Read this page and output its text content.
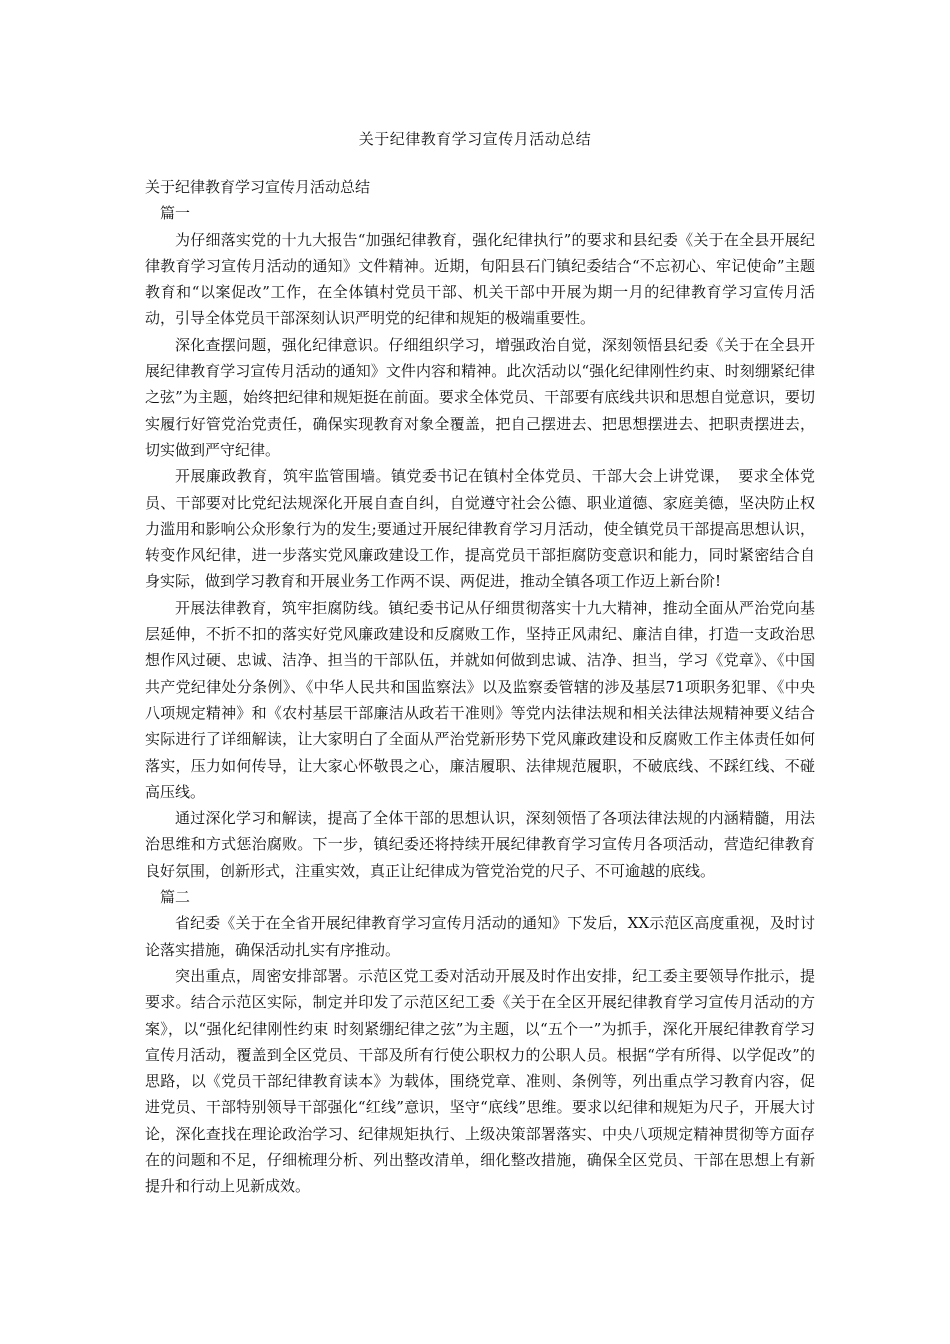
关于纪律教育学习宣传月活动总结

关于纪律教育学习宣传月活动总结

篇一

为仔细落实党的十九大报告“加强纪律教育，强化纪律执行”的要求和县纪委《关于在全县开展纪律教育学习宣传月活动的通知》文件精神。近期，旬阳县石门镇纪委结合“不忘初心、牢记使命”主题教育和“以案促改”工作，在全体镇村党员干部、机关干部中开展为期一月的纪律教育学习宣传月活动，引导全体党员干部深刻认识严明党的纪律和规矩的极端重要性。

深化查摆问题，强化纪律意识。仔细组织学习，增强政治自觉，深刻领悟县纪委《关于在全县开展纪律教育学习宣传月活动的通知》文件内容和精神。此次活动以“强化纪律刚性约束、时刻绷紧纪律之弦”为主题，始终把纪律和规矩挺在前面。要求全体党员、干部要有底线共识和思想自觉意识，要切实履行好管党治党责任，确保实现教育对象全覆盖，把自己摆进去、把思想摆进去、把职责摆进去，切实做到严守纪律。

开展廉政教育，筑牢监管围墙。镇党委书记在镇村全体党员、干部大会上讲党课，　要求全体党员、干部要对比党纪法规深化开展自查自纠，自觉遵守社会公德、职业道德、家庭美德，坚决防止权力滥用和影响公众形象行为的发生;要通过开展纪律教育学习月活动，使全镇党员干部提高思想认识，转变作风纪律，进一步落实党风廉政建设工作，提高党员干部拒腐防变意识和能力，同时紧密结合自身实际，做到学习教育和开展业务工作两不误、两促进，推动全镇各项工作迈上新台阶!

开展法律教育，筑牢拒腐防线。镇纪委书记从仔细贯彻落实十九大精神，推动全面从严治党向基层延伸，不折不扣的落实好党风廉政建设和反腐败工作，坚持正风肃纪、廉洁自律，打造一支政治思想作风过硬、忠诚、洁净、担当的干部队伍，并就如何做到忠诚、洁净、担当，学习《党章》、《中国共产党纪律处分条例》、《中华人民共和国监察法》以及监察委管辖的涉及基层71项职务犯罪、《中央八项规定精神》和《农村基层干部廉洁从政若干准则》等党内法律法规和相关法律法规精神要义结合实际进行了详细解读，让大家明白了全面从严治党新形势下党风廉政建设和反腐败工作主体责任如何落实，压力如何传导，让大家心怀敬畏之心，廉洁履职、法律规范履职，不破底线、不踩红线、不碰高压线。

通过深化学习和解读，提高了全体干部的思想认识，深刻领悟了各项法律法规的内涵精髓，用法治思维和方式惩治腐败。下一步，镇纪委还将持续开展纪律教育学习宣传月各项活动，营造纪律教育良好氛围，创新形式，注重实效，真正让纪律成为管党治党的尺子、不可逾越的底线。

篇二

省纪委《关于在全省开展纪律教育学习宣传月活动的通知》下发后，XX示范区高度重视，及时讨论落实措施，确保活动扎实有序推动。

突出重点，周密安排部署。示范区党工委对活动开展及时作出安排，纪工委主要领导作批示，提要求。结合示范区实际，制定并印发了示范区纪工委《关于在全区开展纪律教育学习宣传月活动的方案》，以“强化纪律刚性约束 时刻紧绷纪律之弦”为主题，以“五个一”为抓手，深化开展纪律教育学习宣传月活动，覆盖到全区党员、干部及所有行使公职权力的公职人员。根据“学有所得、以学促改”的思路，以《党员干部纪律教育读本》为载体，围绕党章、准则、条例等，列出重点学习教育内容，促进党员、干部特别领导干部强化“红线”意识，坚守“底线”思维。要求以纪律和规矩为尺子，开展大讨论，深化查找在理论政治学习、纪律规矩执行、上级决策部署落实、中央八项规定精神贯彻等方面存在的问题和不足，仔细梳理分析、列出整改清单，细化整改措施，确保全区党员、干部在思想上有新提升和行动上见新成效。
